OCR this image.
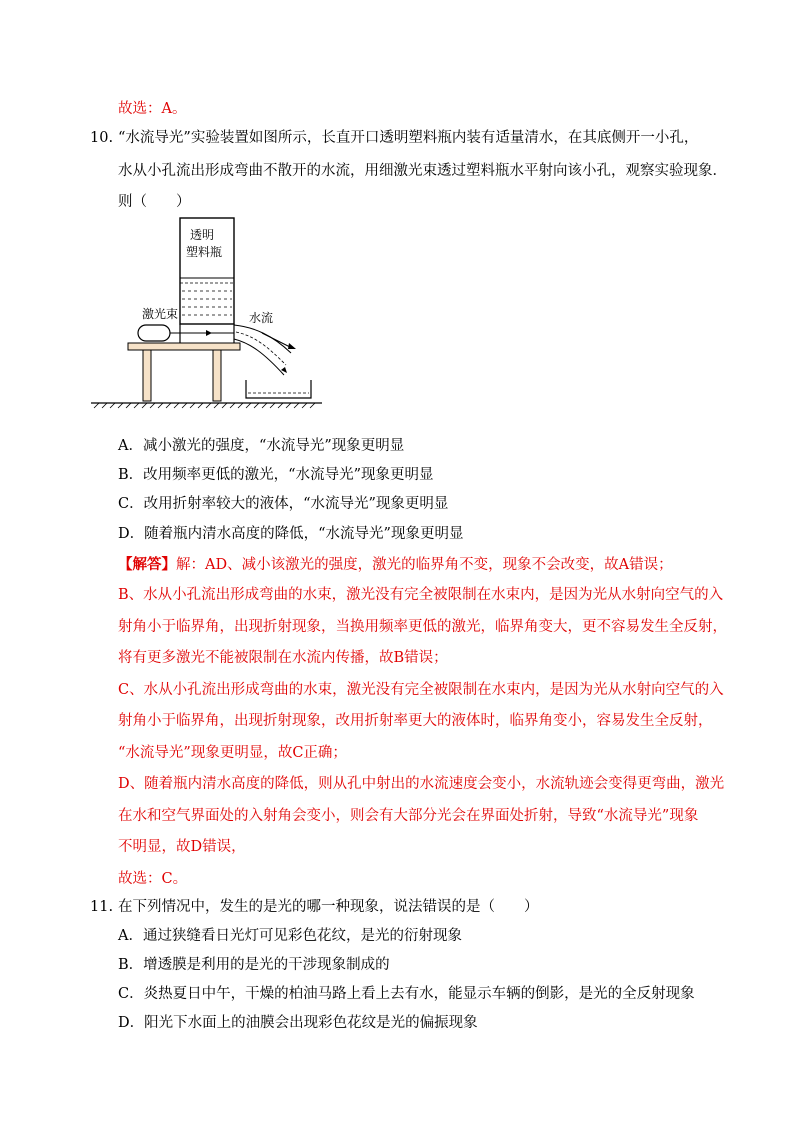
故选：A。
10. “水流导光”实验装置如图所示，长直开口透明塑料瓶内装有适量清水，在其底侧开一小孔，
水从小孔流出形成弯曲不散开的水流，用细激光束透过塑料瓶水平射向该小孔，观察实验现象．
则（　　）
透明
塑料瓶
激光束	水流
A．减小激光的强度，“水流导光”现象更明显
B．改用频率更低的激光，“水流导光”现象更明显
C．改用折射率较大的液体，“水流导光”现象更明显
D．随着瓶内清水高度的降低，“水流导光”现象更明显
【解答】解：AD、减小该激光的强度，激光的临界角不变，现象不会改变，故A错误；
B、水从小孔流出形成弯曲的水束，激光没有完全被限制在水束内，是因为光从水射向空气的入
射角小于临界角，出现折射现象，当换用频率更低的激光，临界角变大，更不容易发生全反射，
将有更多激光不能被限制在水流内传播，故B错误；
C、水从小孔流出形成弯曲的水束，激光没有完全被限制在水束内，是因为光从水射向空气的入
射角小于临界角，出现折射现象，改用折射率更大的液体时，临界角变小，容易发生全反射，
“水流导光”现象更明显，故C正确；
D、随着瓶内清水高度的降低，则从孔中射出的水流速度会变小，水流轨迹会变得更弯曲，激光
在水和空气界面处的入射角会变小，则会有大部分光会在界面处折射，导致“水流导光”现象
不明显，故D错误，
故选：C。
11. 在下列情况中，发生的是光的哪一种现象，说法错误的是（　　）
A．通过狭缝看日光灯可见彩色花纹，是光的衍射现象
B．增透膜是利用的是光的干涉现象制成的
C．炎热夏日中午，干燥的柏油马路上看上去有水，能显示车辆的倒影，是光的全反射现象
D．阳光下水面上的油膜会出现彩色花纹是光的偏振现象
